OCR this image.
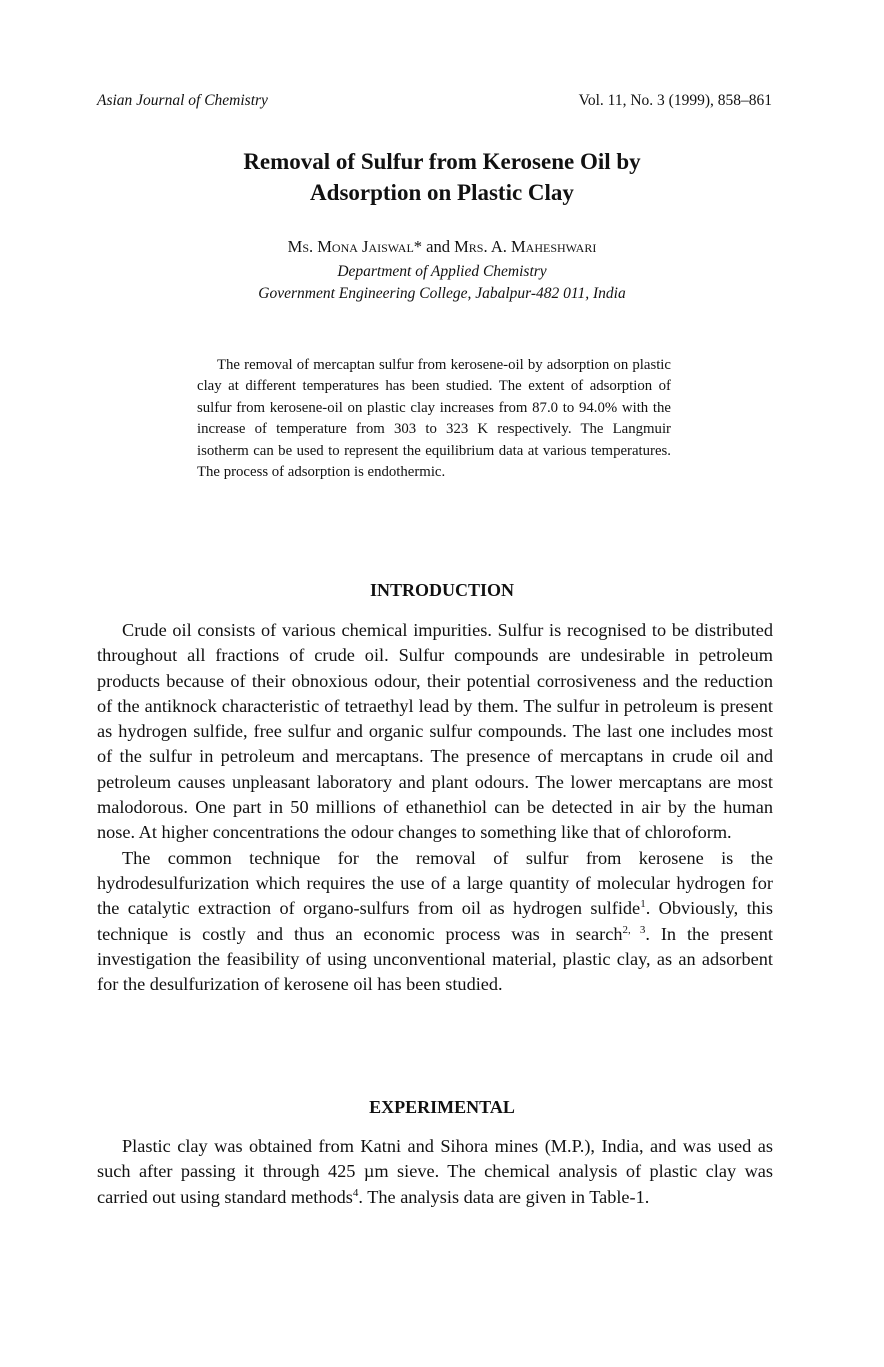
Asian Journal of Chemistry	Vol. 11, No. 3 (1999), 858–861
Removal of Sulfur from Kerosene Oil by
Adsorption on Plastic Clay
Ms. Mona Jaiswal* and Mrs. A. Maheshwari
Department of Applied Chemistry
Government Engineering College, Jabalpur-482 011, India

The removal of mercaptan sulfur from kerosene-oil by adsorption on plastic clay at different temperatures has been studied. The extent of adsorption of sulfur from kerosene-oil on plastic clay increases from 87.0 to 94.0% with the increase of temperature from 303 to 323 K respectively. The Langmuir isotherm can be used to represent the equilibrium data at various temperatures. The process of adsorption is endothermic.

INTRODUCTION

Crude oil consists of various chemical impurities. Sulfur is recognised to be distributed throughout all fractions of crude oil. Sulfur compounds are undesirable in petroleum products because of their obnoxious odour, their potential corrosiveness and the reduction of the antiknock characteristic of tetraethyl lead by them. The sulfur in petroleum is present as hydrogen sulfide, free sulfur and organic sulfur compounds. The last one includes most of the sulfur in petroleum and mercaptans. The presence of mercaptans in crude oil and petroleum causes unpleasant laboratory and plant odours. The lower mercaptans are most malodorous. One part in 50 millions of ethanethiol can be detected in air by the human nose. At higher concentrations the odour changes to something like that of chloroform.

The common technique for the removal of sulfur from kerosene is the hydrodesulfurization which requires the use of a large quantity of molecular hydrogen for the catalytic extraction of organo-sulfurs from oil as hydrogen sulfide$^1$. Obviously, this technique is costly and thus an economic process was in search$^{2, 3}$. In the present investigation the feasibility of using unconventional material, plastic clay, as an adsorbent for the desulfurization of kerosene oil has been studied.

EXPERIMENTAL

Plastic clay was obtained from Katni and Sihora mines (M.P.), India, and was used as such after passing it through 425 µm sieve. The chemical analysis of plastic clay was carried out using standard methods$^4$. The analysis data are given in Table-1.
